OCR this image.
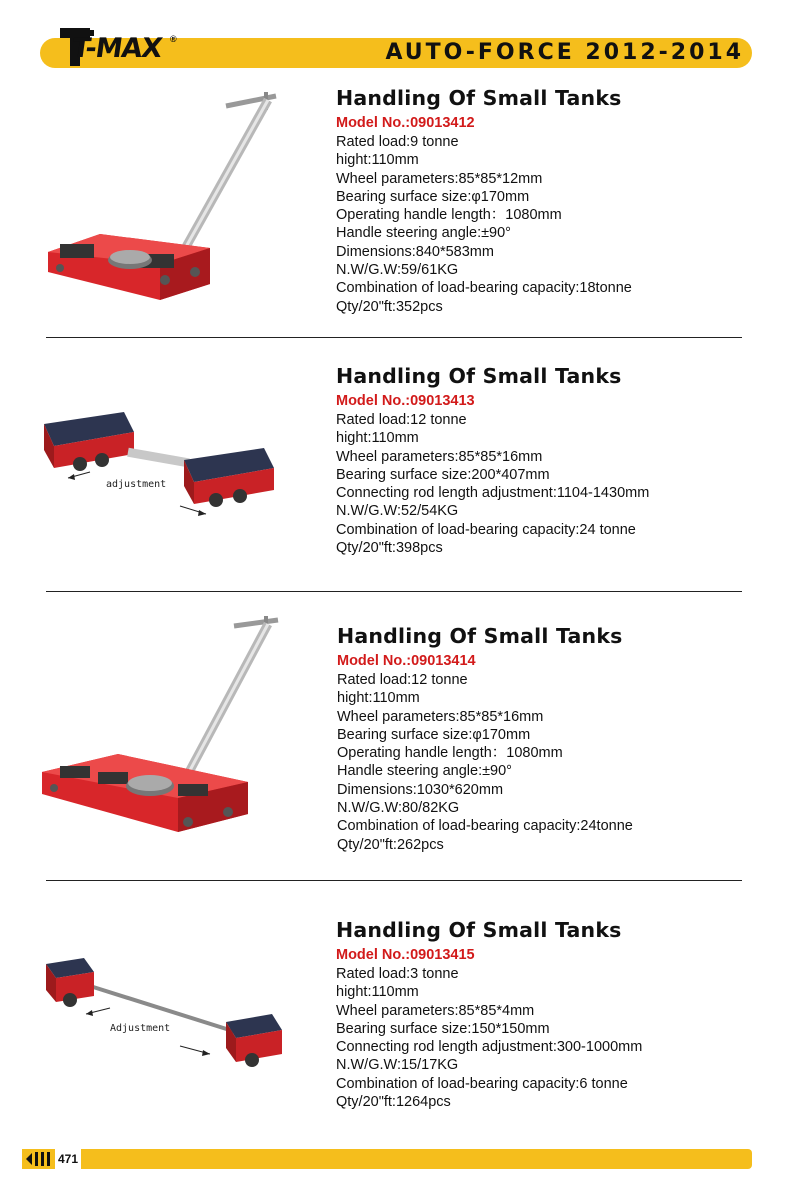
T-MAX ®
AUTO-FORCE 2012-2014
Handling Of Small Tanks
Model No.:09013412
Rated load:9 tonne
hight:110mm
Wheel parameters:85*85*12mm
Bearing surface size:φ170mm
Operating handle length：1080mm
Handle steering angle:±90°
Dimensions:840*583mm
N.W/G.W:59/61KG
Combination of load-bearing capacity:18tonne
Qty/20"ft:352pcs
adjustment
Handling Of Small Tanks
Model No.:09013413
Rated load:12 tonne
hight:110mm
Wheel parameters:85*85*16mm
Bearing surface size:200*407mm
Connecting rod length adjustment:1104-1430mm
N.W/G.W:52/54KG
Combination of load-bearing capacity:24 tonne
Qty/20"ft:398pcs
Handling Of Small Tanks
Model No.:09013414
Rated load:12 tonne
hight:110mm
Wheel parameters:85*85*16mm
Bearing surface size:φ170mm
Operating handle length：1080mm
Handle steering angle:±90°
Dimensions:1030*620mm
N.W/G.W:80/82KG
Combination of load-bearing capacity:24tonne
Qty/20"ft:262pcs
Adjustment
Handling Of Small Tanks
Model No.:09013415
Rated load:3 tonne
hight:110mm
Wheel parameters:85*85*4mm
Bearing surface size:150*150mm
Connecting rod length adjustment:300-1000mm
N.W/G.W:15/17KG
Combination of load-bearing capacity:6 tonne
Qty/20"ft:1264pcs
471
